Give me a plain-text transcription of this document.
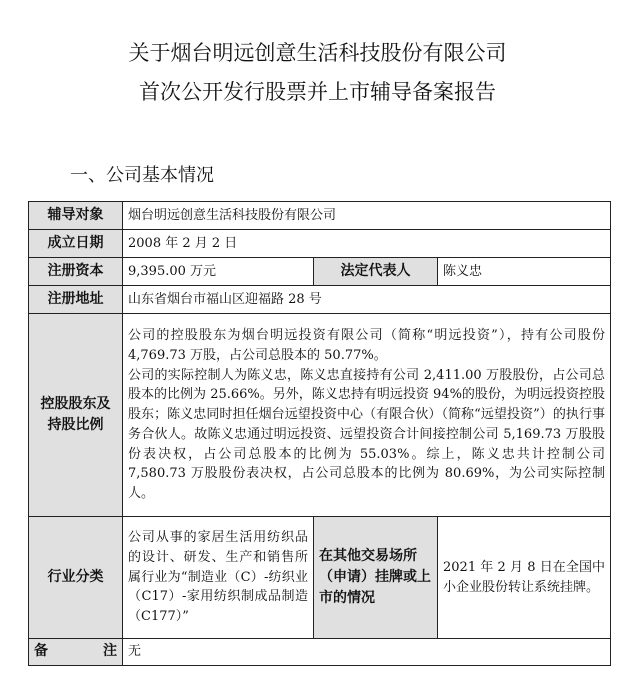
关于烟台明远创意生活科技股份有限公司
首次公开发行股票并上市辅导备案报告
一、公司基本情况
辅导对象	烟台明远创意生活科技股份有限公司		
成立日期	2008 年 2 月 2 日		
注册资本	9,395.00 万元	法定代表人	陈义忠
注册地址	山东省烟台市福山区迎福路 28 号		
控股股东及持股比例	公司的控股股东为烟台明远投资有限公司（简称“明远投资”），持有公司股份 4,769.73 万股，占公司总股本的 50.77%。
公司的实际控制人为陈义忠，陈义忠直接持有公司 2,411.00 万股股份，占公司总股本的比例为 25.66%。另外，陈义忠持有明远投资 94%的股份，为明远投资控股股东；陈义忠同时担任烟台远望投资中心（有限合伙）（简称“远望投资”）的执行事务合伙人。故陈义忠通过明远投资、远望投资合计间接控制公司 5,169.73 万股股份表决权，占公司总股本的比例为 55.03%。综上，陈义忠共计控制公司 7,580.73 万股股份表决权，占公司总股本的比例为 80.69%，为公司实际控制人。		

行业分类	公司从事的家居生活用纺织品的设计、研发、生产和销售所属行业为“制造业（C）-纺织业（C17）-家用纺织制成品制造（C177）”	在其他交易场所（申请）挂牌或上市的情况	2021 年 2 月 8 日在全国中小企业股份转让系统挂牌。
备注	无		
